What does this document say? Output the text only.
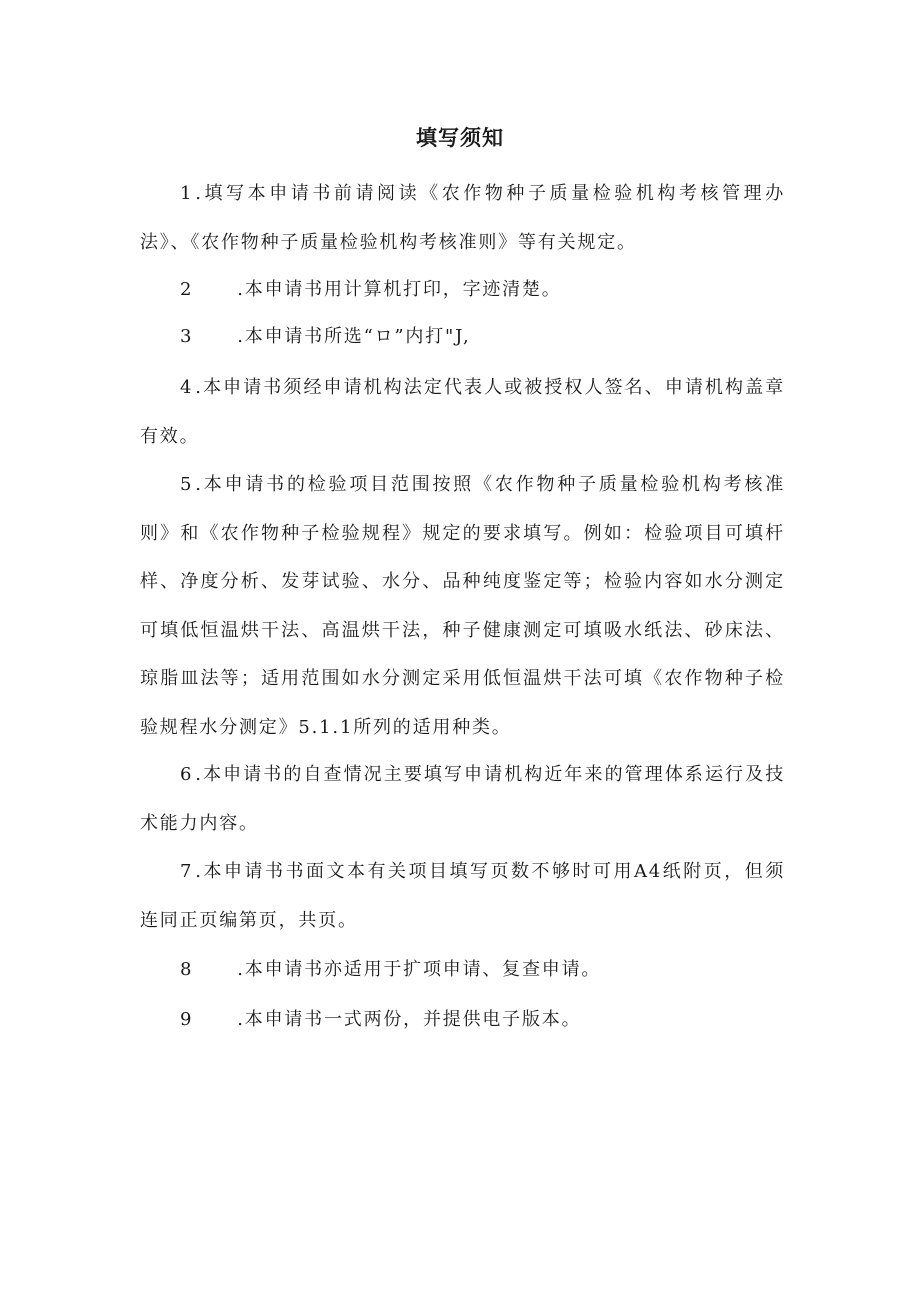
填写须知

1 .填写本申请书前请阅读《农作物种子质量检验机构考核管理办法》、《农作物种子质量检验机构考核准则》等有关规定。

2 .本申请书用计算机打印，字迹清楚。

3 .本申请书所选“ロ”内打"J,

4 .本申请书须经申请机构法定代表人或被授权人签名、申请机构盖章有效。

5 .本申请书的检验项目范围按照《农作物种子质量检验机构考核准则》和《农作物种子检验规程》规定的要求填写。例如：检验项目可填杆样、净度分析、发芽试验、水分、品种纯度鉴定等；检验内容如水分测定可填低恒温烘干法、高温烘干法，种子健康测定可填吸水纸法、砂床法、琼脂皿法等；适用范围如水分测定采用低恒温烘干法可填《农作物种子检验规程水分测定》5.1.1所列的适用种类。

6 .本申请书的自查情况主要填写申请机构近年来的管理体系运行及技术能力内容。

7 .本申请书书面文本有关项目填写页数不够时可用A4纸附页，但须连同正页编第页，共页。

8 .本申请书亦适用于扩项申请、复查申请。

9 .本申请书一式两份，并提供电子版本。
